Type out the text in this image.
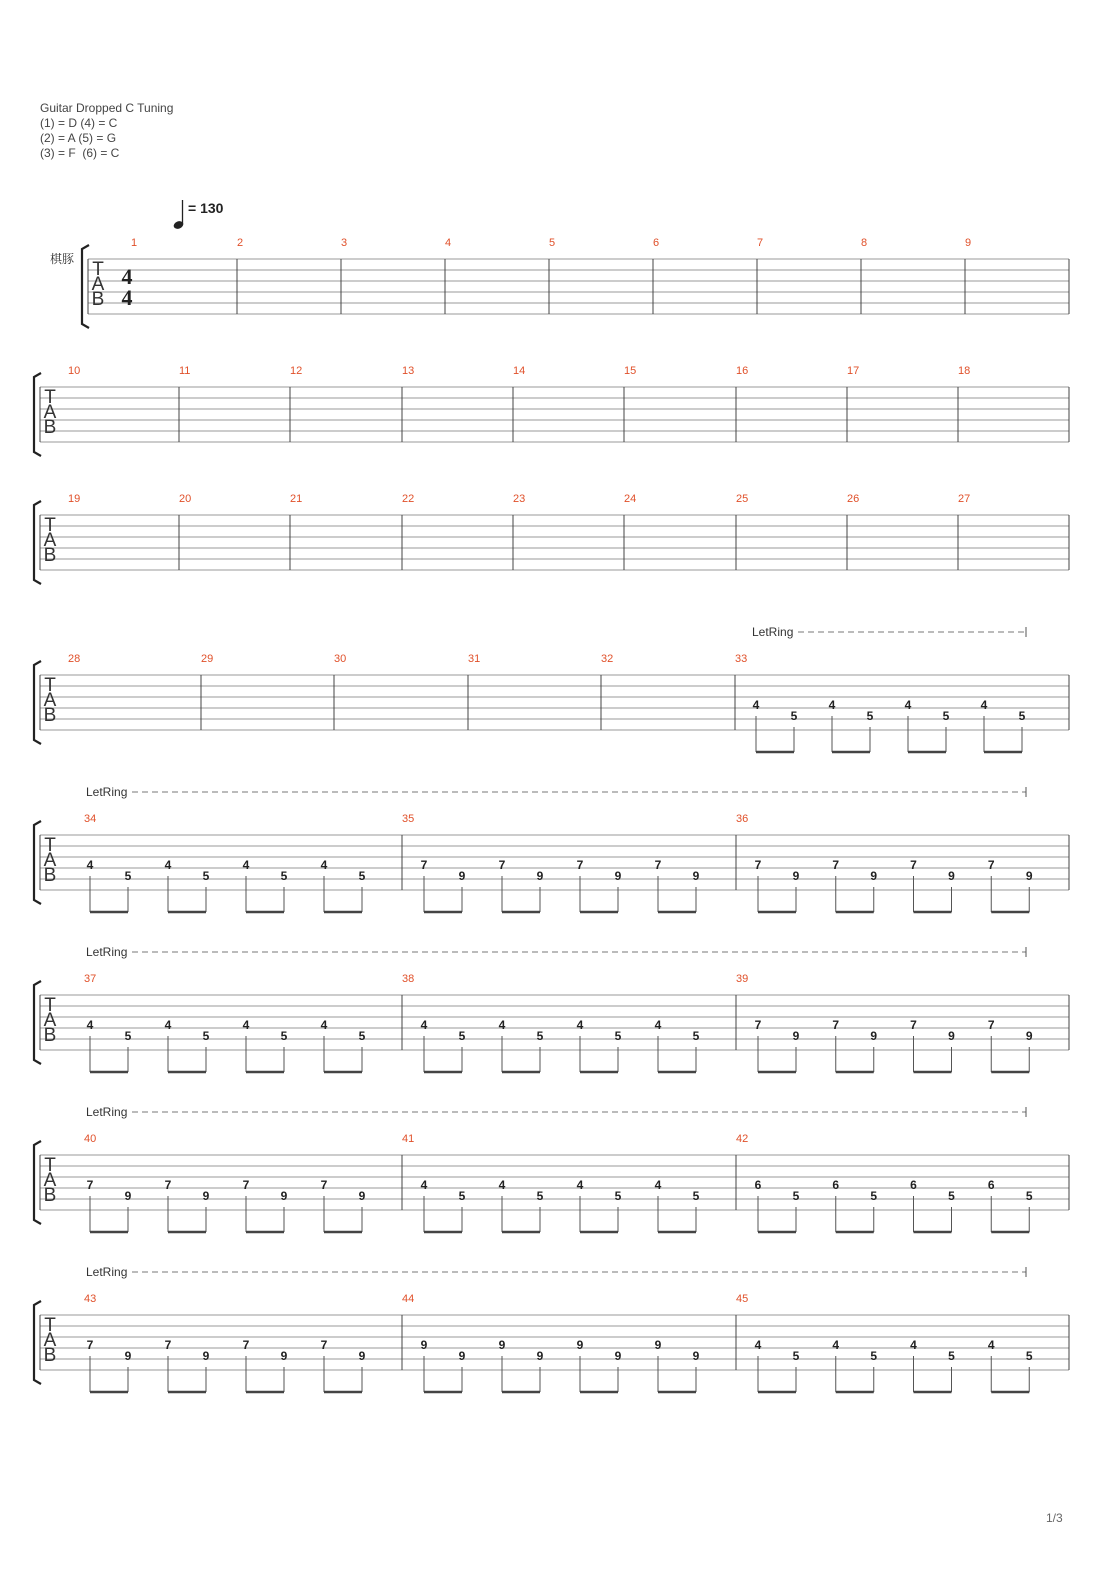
Guitar Dropped C Tuning
(1) = D (4) = C
(2) = A (5) = G
(3) = F  (6) = C
= 130
棋豚 T
A
B
4
4
1	2	3	4	5	6	7	8	9
T
A
B
10	11	12	13	14	15	16	17	18
T
A
B
19	20	21	22	23	24	25	26	27
T
A
B
28	29	30	31	32	33
4
5
4
5
4
5
4
5
LetRing
T
A
B
34
4
5
4
5
4
5
4
5
35
7
9
7
9
7
9
7
9
36
7
9
7
9
7
9
7
9
LetRing
T
A
B
37
4
5
4
5
4
5
4
5
38
4
5
4
5
4
5
4
5
39
7
9
7
9
7
9
7
9
LetRing
T
A
B
40
7
9
7
9
7
9
7
9
41
4
5
4
5
4
5
4
5
42
6
5
6
5
6
5
6
5
LetRing
T
A
B
43
7
9
7
9
7
9
7
9
44
9
9
9
9
9
9
9
9
45
4
5
4
5
4
5
4
5
LetRing
1/3
